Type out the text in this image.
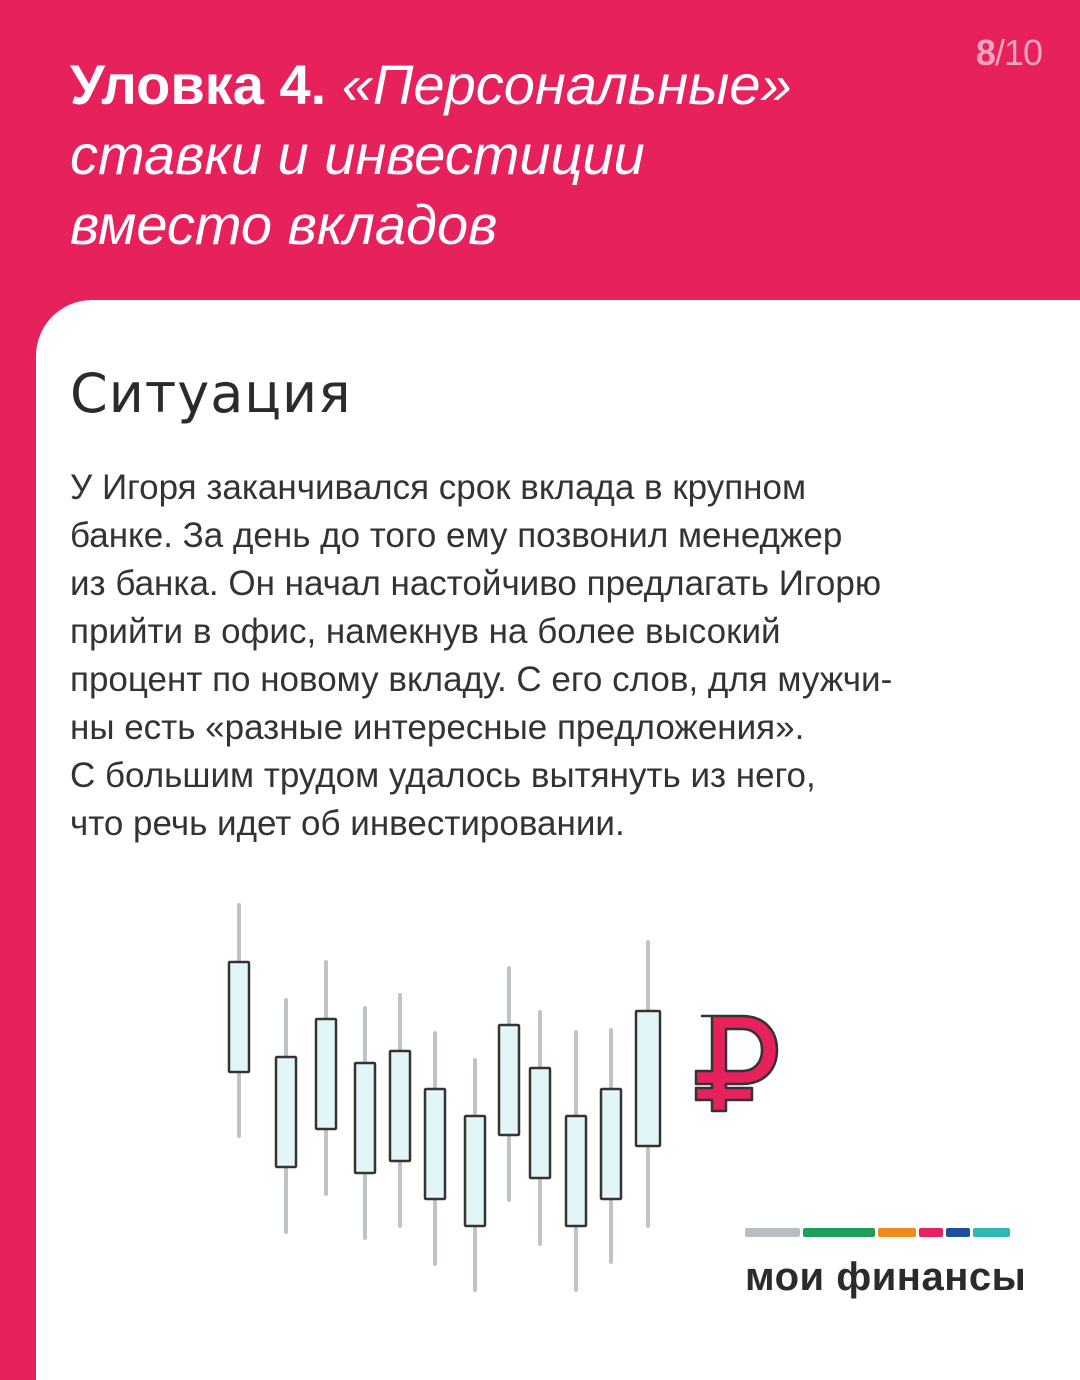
8/10
Уловка 4. «Персональные»
ставки и инвестиции
вместо вкладов
Ситуация
У Игоря заканчивался срок вклада в крупном
банке. За день до того ему позвонил менеджер
из банка. Он начал настойчиво предлагать Игорю
прийти в офис, намекнув на более высокий
процент по новому вкладу. С его слов, для мужчи-
ны есть «разные интересные предложения».
С большим трудом удалось вытянуть из него,
что речь идет об инвестировании.
мои финансы
